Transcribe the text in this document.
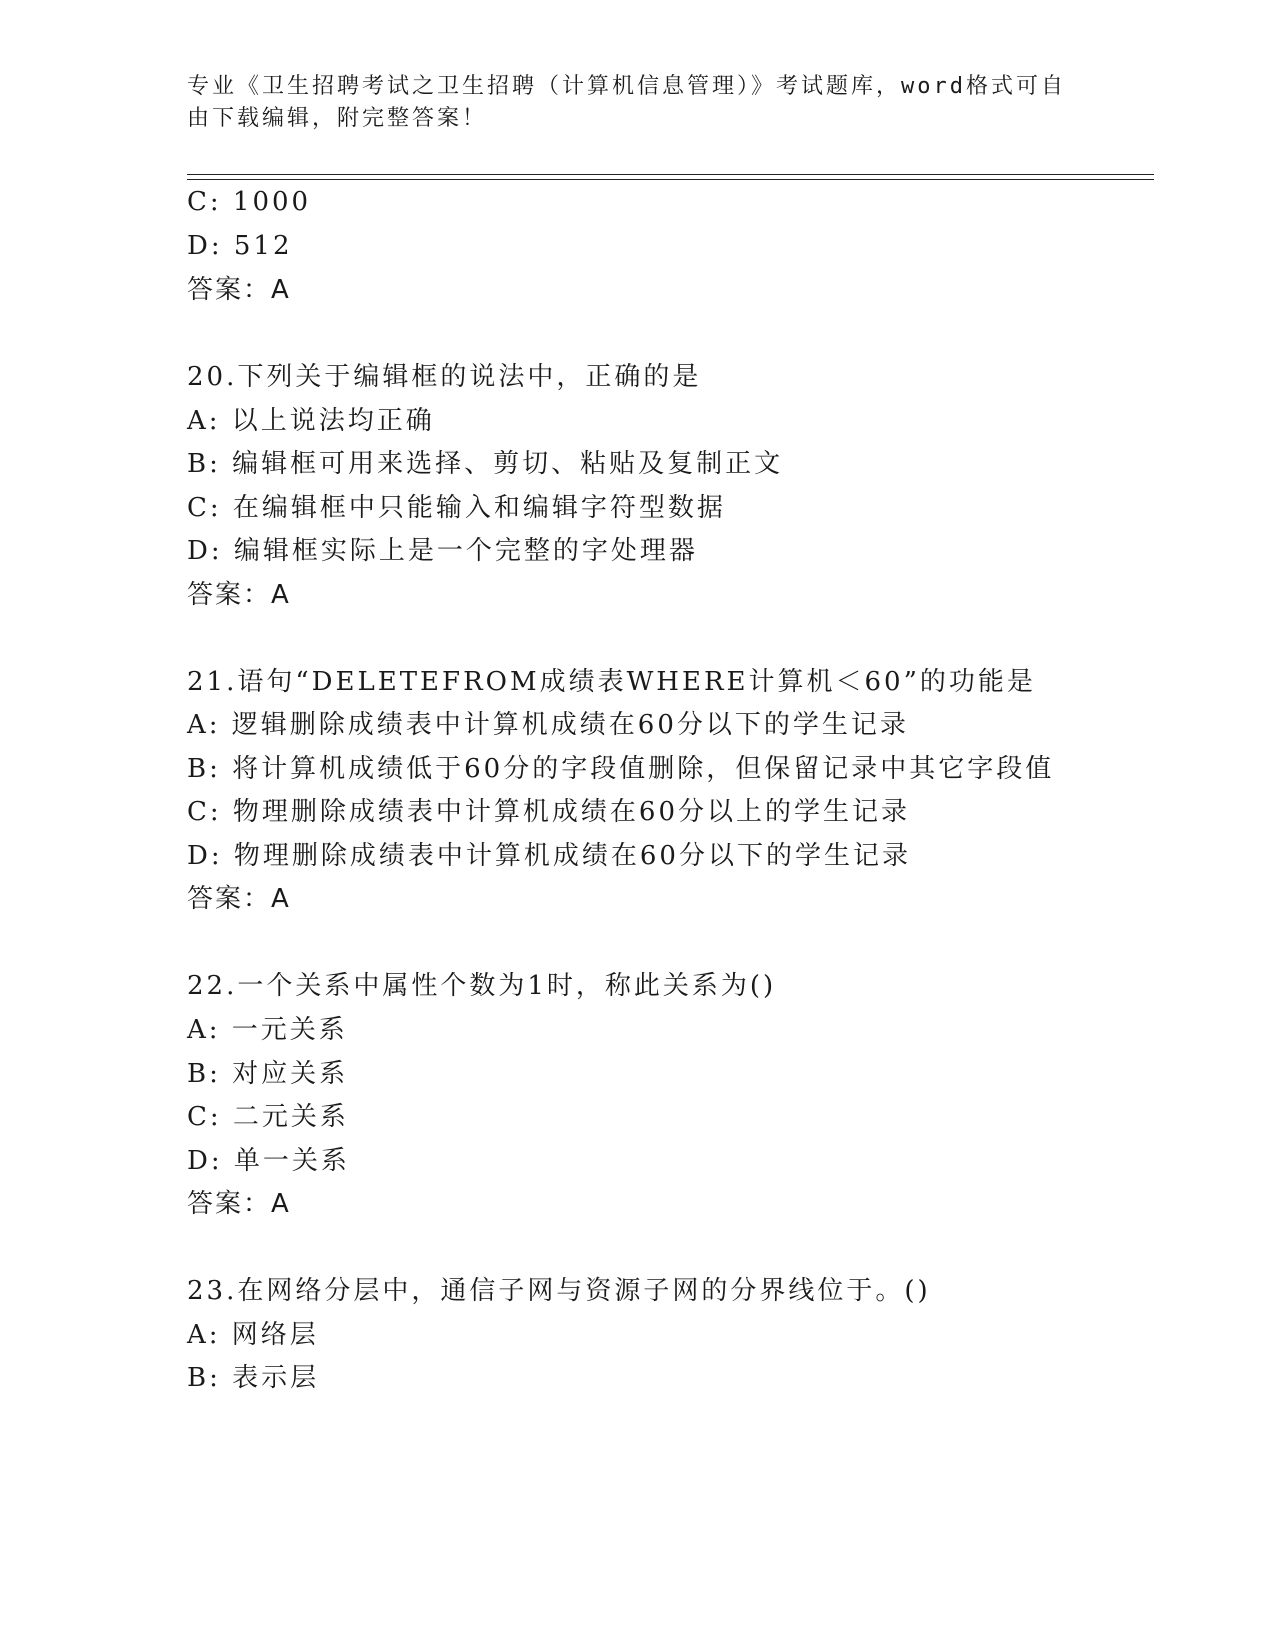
专业《卫生招聘考试之卫生招聘（计算机信息管理）》考试题库，word格式可自
由下载编辑，附完整答案！
C: 1000
D: 512
答案：A
20.下列关于编辑框的说法中，正确的是
A: 以上说法均正确
B: 编辑框可用来选择、剪切、粘贴及复制正文
C: 在编辑框中只能输入和编辑字符型数据
D: 编辑框实际上是一个完整的字处理器
答案：A
21.语句“DELETEFROM成绩表WHERE计算机＜60”的功能是
A: 逻辑删除成绩表中计算机成绩在60分以下的学生记录
B: 将计算机成绩低于60分的字段值删除，但保留记录中其它字段值
C: 物理删除成绩表中计算机成绩在60分以上的学生记录
D: 物理删除成绩表中计算机成绩在60分以下的学生记录
答案：A
22.一个关系中属性个数为1时，称此关系为()
A: 一元关系
B: 对应关系
C: 二元关系
D: 单一关系
答案：A
23.在网络分层中，通信子网与资源子网的分界线位于。()
A: 网络层
B: 表示层
